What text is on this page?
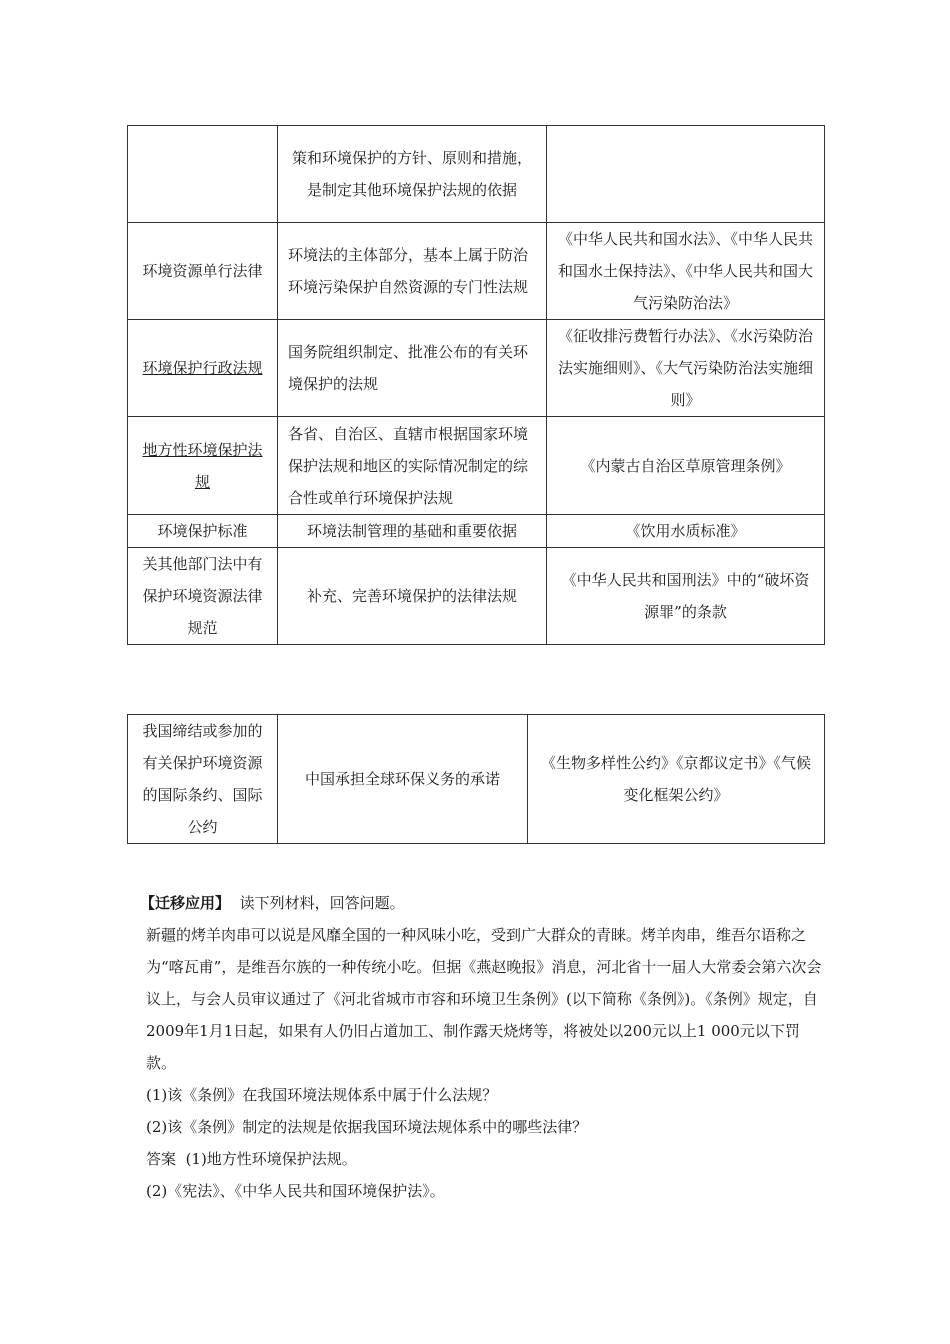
	策和环境保护的方针、原则和措施，是制定其他环境保护法规的依据	
环境资源单行法律	环境法的主体部分，基本上属于防治环境污染保护自然资源的专门性法规	《中华人民共和国水法》、《中华人民共和国水土保持法》、《中华人民共和国大气污染防治法》
环境保护行政法规	国务院组织制定、批准公布的有关环境保护的法规	《征收排污费暂行办法》、《水污染防治法实施细则》、《大气污染防治法实施细则》
地方性环境保护法规	各省、自治区、直辖市根据国家环境保护法规和地区的实际情况制定的综合性或单行环境保护法规	《内蒙古自治区草原管理条例》
环境保护标准	环境法制管理的基础和重要依据	《饮用水质标准》
关其他部门法中有保护环境资源法律规范	补充、完善环境保护的法律法规	《中华人民共和国刑法》中的“破坏资源罪”的条款
我国缔结或参加的有关保护环境资源的国际条约、国际公约	中国承担全球环保义务的承诺	《生物多样性公约》《京都议定书》《气候变化框架公约》

【迁移应用】 读下列材料，回答问题。

新疆的烤羊肉串可以说是风靡全国的一种风味小吃，受到广大群众的青睐。烤羊肉串，维吾尔语称之为“喀瓦甫”，是维吾尔族的一种传统小吃。但据《燕赵晚报》消息，河北省十一届人大常委会第六次会议上，与会人员审议通过了《河北省城市市容和环境卫生条例》(以下简称《条例》)。《条例》规定，自2009年1月1日起，如果有人仍旧占道加工、制作露天烧烤等，将被处以200元以上1 000元以下罚款。

(1)该《条例》在我国环境法规体系中属于什么法规？

(2)该《条例》制定的法规是依据我国环境法规体系中的哪些法律？

答案 (1)地方性环境保护法规。

(2)《宪法》、《中华人民共和国环境保护法》。
